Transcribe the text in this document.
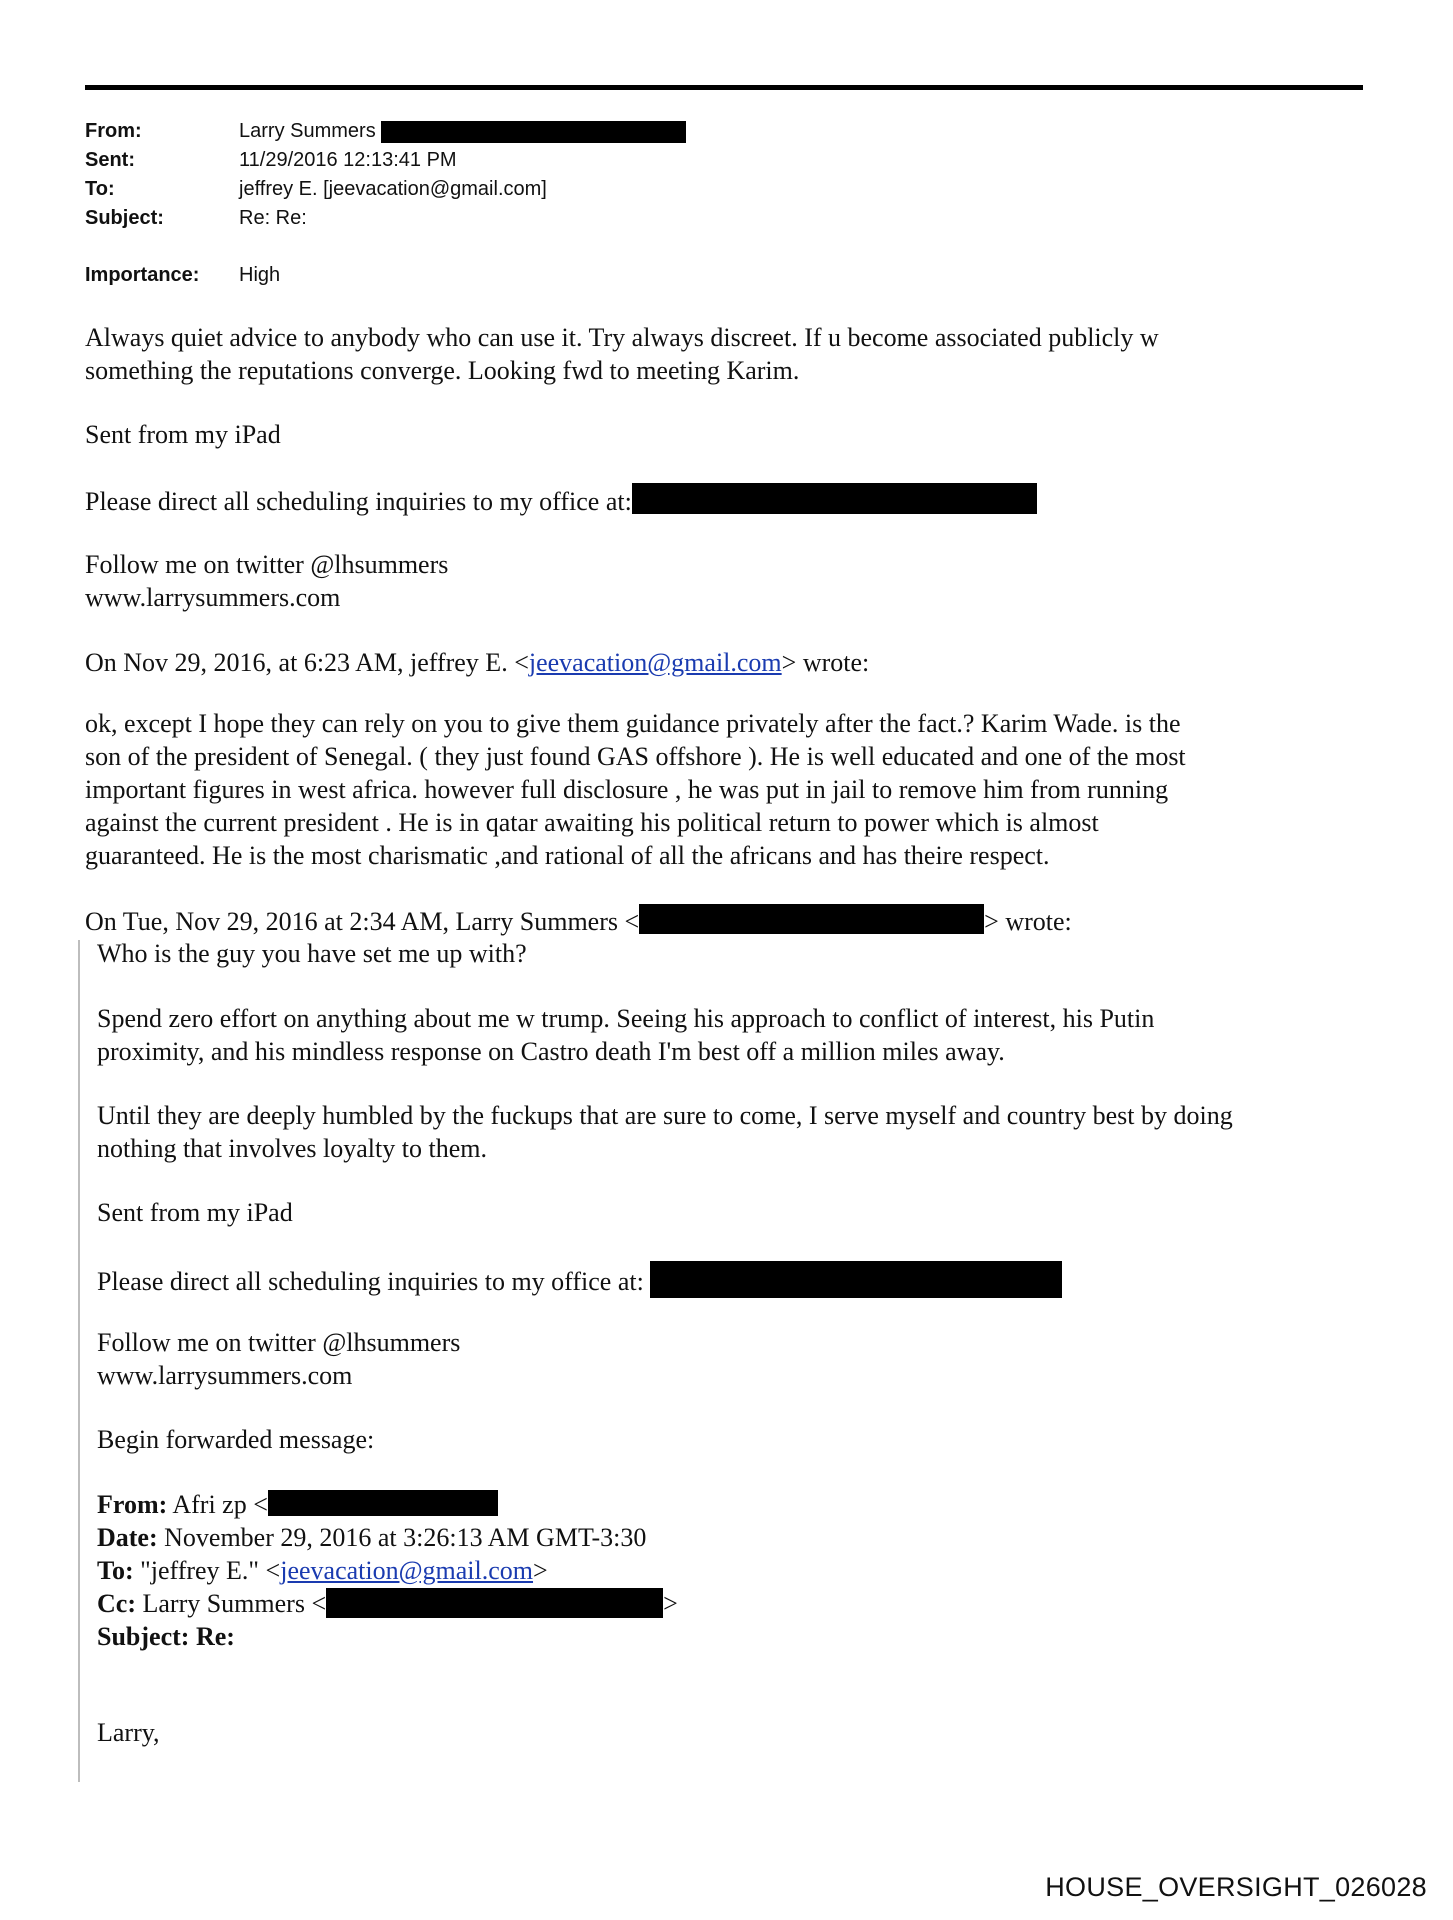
From:	Larry Summers
Sent:	11/29/2016 12:13:41 PM
To:	jeffrey E. [jeevacation@gmail.com]
Subject:	Re: Re:
Importance: High
Always quiet advice to anybody who can use it. Try always discreet. If u become associated publicly w
something the reputations converge. Looking fwd to meeting Karim.
Sent from my iPad
Please direct all scheduling inquiries to my office at:
Follow me on twitter @lhsummers
www.larrysummers.com
On Nov 29, 2016, at 6:23 AM, jeffrey E. <jeevacation@gmail.com> wrote:
ok, except I hope they can rely on you to give them guidance privately after the fact.? Karim Wade. is the
son of the president of Senegal. ( they just found GAS offshore ). He is well educated and one of the most
important figures in west africa. however full disclosure , he was put in jail to remove him from running
against the current president . He is in qatar awaiting his political return to power which is almost
guaranteed. He is the most charismatic ,and rational of all the africans and has theire respect.
On Tue, Nov 29, 2016 at 2:34 AM, Larry Summers <	> wrote:
Who is the guy you have set me up with?
Spend zero effort on anything about me w trump. Seeing his approach to conflict of interest, his Putin
proximity, and his mindless response on Castro death I'm best off a million miles away.
Until they are deeply humbled by the fuckups that are sure to come, I serve myself and country best by doing
nothing that involves loyalty to them.
Sent from my iPad
Please direct all scheduling inquiries to my office at:
Follow me on twitter @lhsummers
www.larrysummers.com
Begin forwarded message:
From: Afri zp <
Date: November 29, 2016 at 3:26:13 AM GMT-3:30
To: "jeffrey E." <jeevacation@gmail.com>
Cc: Larry Summers <	>
Subject: Re:
Larry,
HOUSE_OVERSIGHT_026028
